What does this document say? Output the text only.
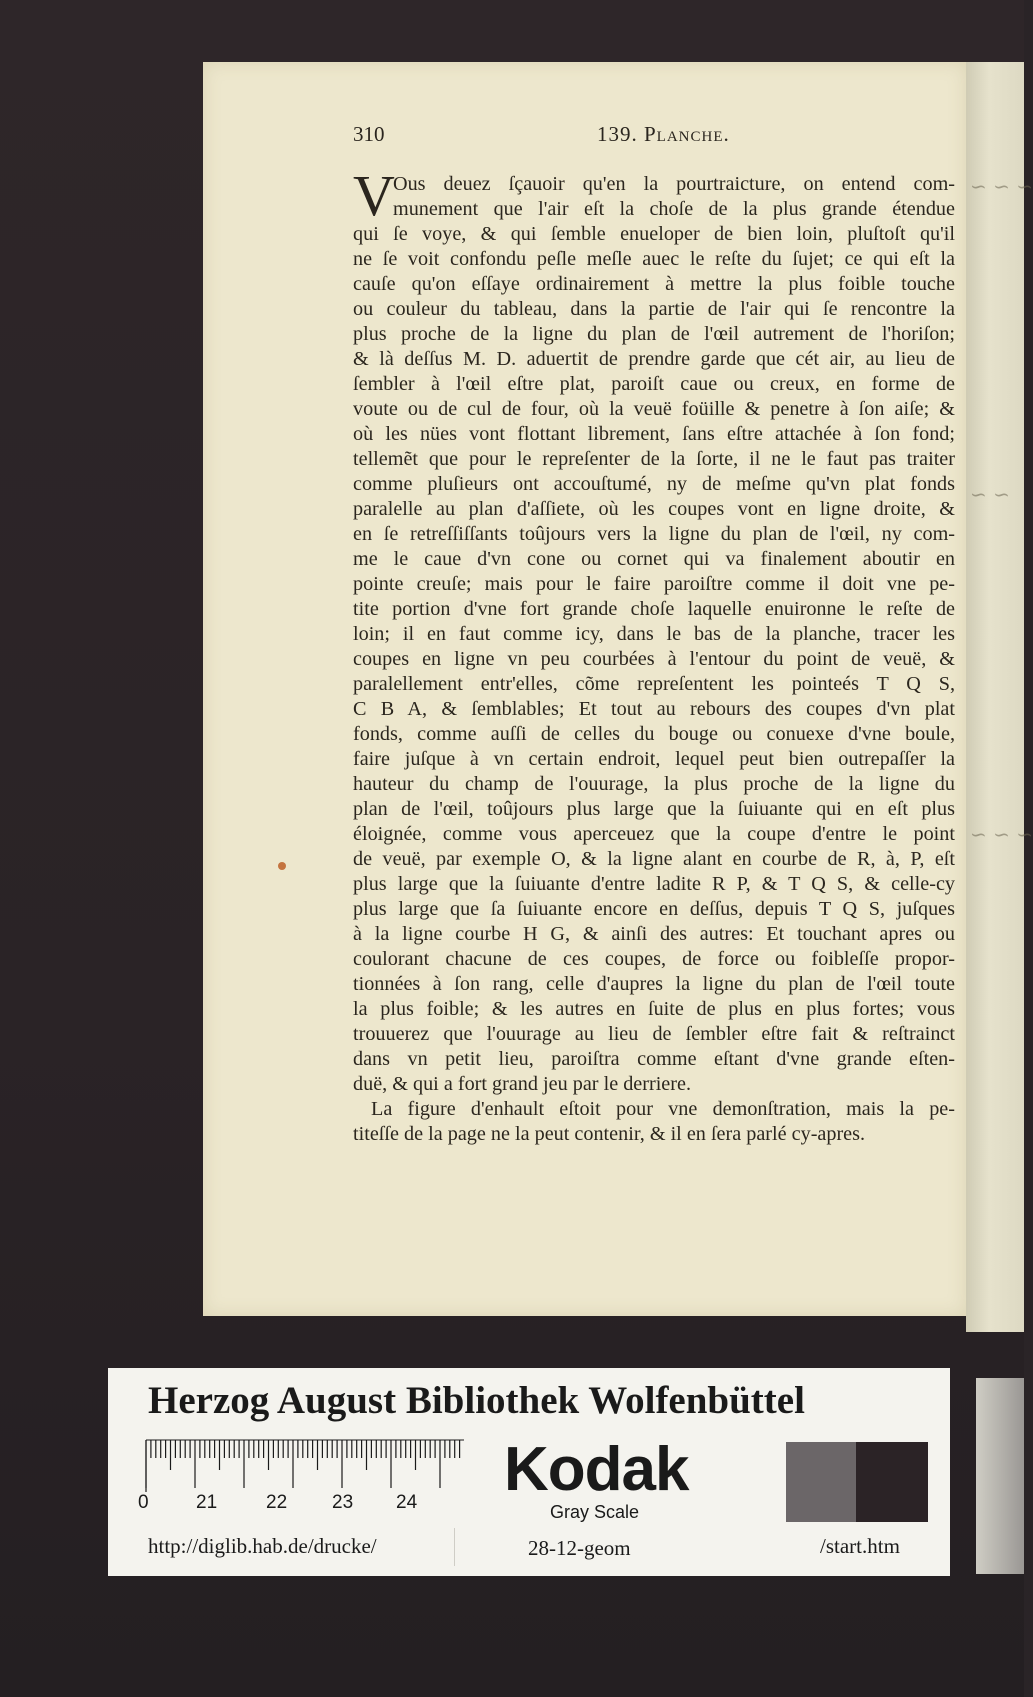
~ ~ ~
~ ~
~ ~ ~
310	139. Planche.
V
Ous deuez ſçauoir qu'en la pourtraicture, on entend com-
munement que l'air eſt la choſe de la plus grande étendue
qui ſe voye, & qui ſemble enueloper de bien loin, pluſtoſt qu'il
ne ſe voit confondu peſle meſle auec le reſte du ſujet; ce qui eſt la
cauſe qu'on eſſaye ordinairement à mettre la plus foible touche
ou couleur du tableau, dans la partie de l'air qui ſe rencontre la
plus proche de la ligne du plan de l'œil autrement de l'horiſon;
& là deſſus M. D. aduertit de prendre garde que cét air, au lieu de
ſembler à l'œil eſtre plat, paroiſt caue ou creux, en forme de
voute ou de cul de four, où la veuë foüille & penetre à ſon aiſe; &
où les nües vont flottant librement, ſans eſtre attachée à ſon fond;
tellemẽt que pour le repreſenter de la ſorte, il ne le faut pas traiter
comme pluſieurs ont accouſtumé, ny de meſme qu'vn plat fonds
paralelle au plan d'aſſiete, où les coupes vont en ligne droite, &
en ſe retreſſiſſants toûjours vers la ligne du plan de l'œil, ny com-
me le caue d'vn cone ou cornet qui va finalement aboutir en
pointe creuſe; mais pour le faire paroiſtre comme il doit vne pe-
tite portion d'vne fort grande choſe laquelle enuironne le reſte de
loin; il en faut comme icy, dans le bas de la planche, tracer les
coupes en ligne vn peu courbées à l'entour du point de veuë, &
paralellement entr'elles, cõme repreſentent les pointeés T Q S,
C B A, & ſemblables; Et tout au rebours des coupes d'vn plat
fonds, comme auſſi de celles du bouge ou conuexe d'vne boule,
faire juſque à vn certain endroit, lequel peut bien outrepaſſer la
hauteur du champ de l'ouurage, la plus proche de la ligne du
plan de l'œil, toûjours plus large que la ſuiuante qui en eſt plus
éloignée, comme vous aperceuez que la coupe d'entre le point
de veuë, par exemple O, & la ligne alant en courbe de R, à, P, eſt
plus large que la ſuiuante d'entre ladite R P, & T Q S, & celle-cy
plus large que ſa ſuiuante encore en deſſus, depuis T Q S, juſques
à la ligne courbe H G, & ainſi des autres: Et touchant apres ou
coulorant chacune de ces coupes, de force ou foibleſſe propor-
tionnées à ſon rang, celle d'aupres la ligne du plan de l'œil toute
la plus foible; & les autres en ſuite de plus en plus fortes; vous
trouuerez que l'ouurage au lieu de ſembler eſtre fait & reſtrainct
dans vn petit lieu, paroiſtra comme eſtant d'vne grande eſten-
duë, & qui a fort grand jeu par le derriere.
La figure d'enhault eſtoit pour vne demonſtration, mais la pe-
titeſſe de la page ne la peut contenir, & il en ſera parlé cy-apres.
Herzog August Bibliothek Wolfenbüttel
0 21	22 23 24 Kodak
Gray Scale
http://diglib.hab.de/drucke/	28-12-geom	/start.htm
